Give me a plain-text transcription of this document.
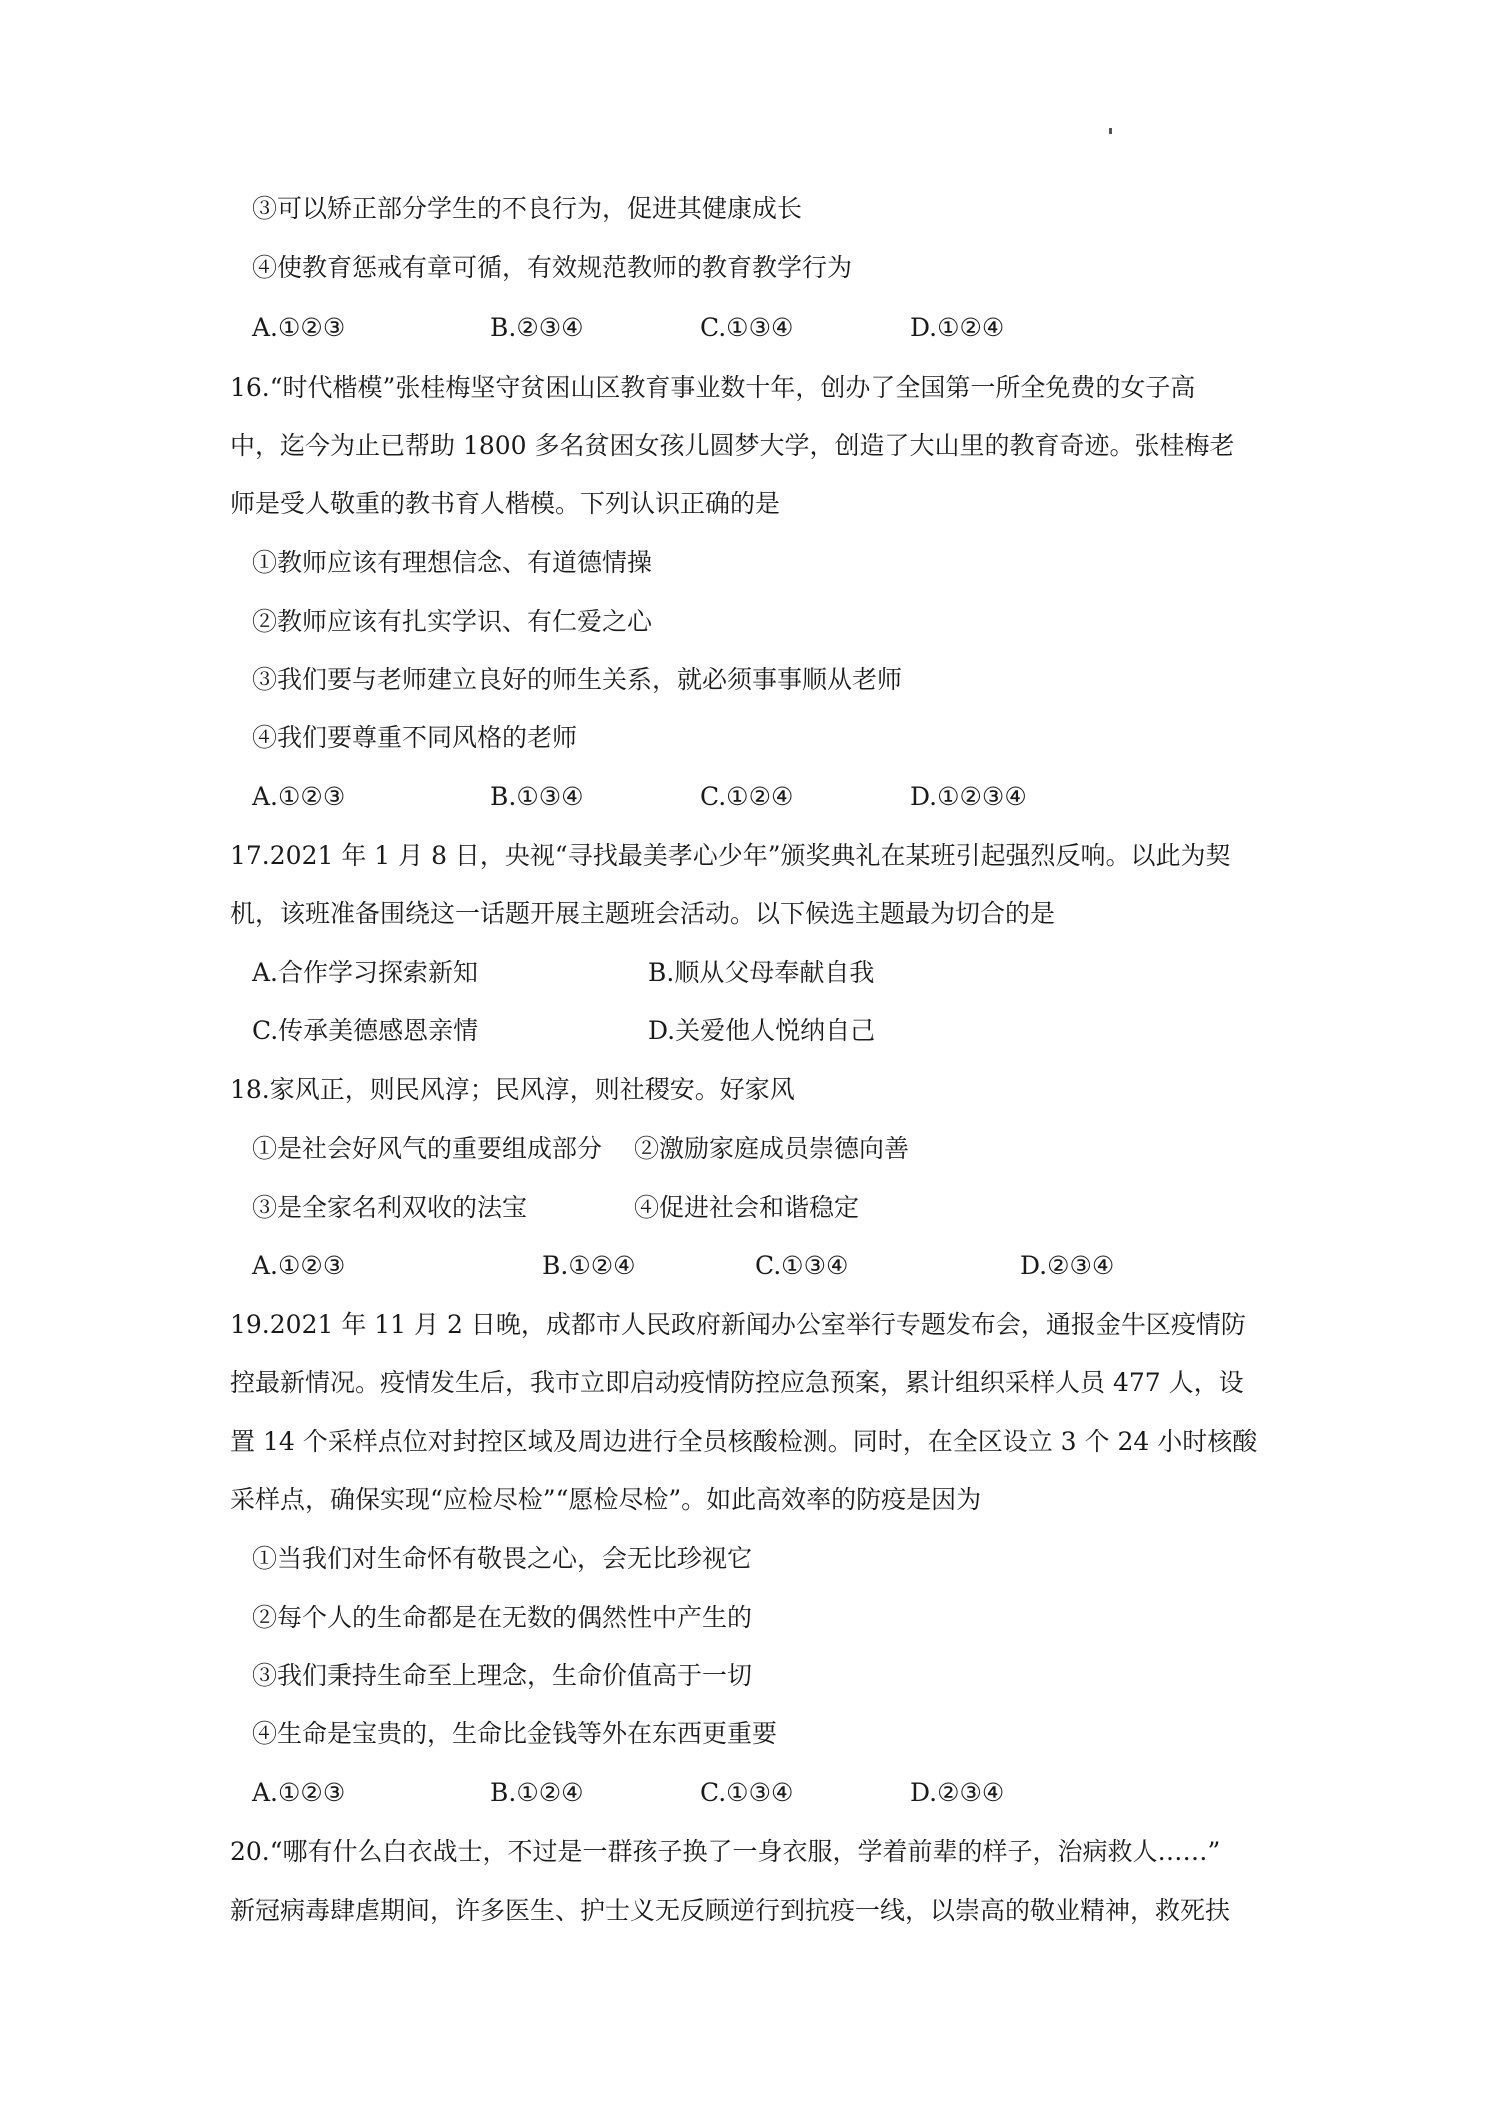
③可以矫正部分学生的不良行为，促进其健康成长
④使教育惩戒有章可循，有效规范教师的教育教学行为
A.①②③	B.②③④	C.①③④	D.①②④
16.“时代楷模”张桂梅坚守贫困山区教育事业数十年，创办了全国第一所全免费的女子高
中，迄今为止已帮助 1800 多名贫困女孩儿圆梦大学，创造了大山里的教育奇迹。张桂梅老
师是受人敬重的教书育人楷模。下列认识正确的是
①教师应该有理想信念、有道德情操
②教师应该有扎实学识、有仁爱之心
③我们要与老师建立良好的师生关系，就必须事事顺从老师
④我们要尊重不同风格的老师
A.①②③	B.①③④	C.①②④	D.①②③④
17.2021 年 1 月 8 日，央视“寻找最美孝心少年”颁奖典礼在某班引起强烈反响。以此为契
机，该班准备围绕这一话题开展主题班会活动。以下候选主题最为切合的是
A.合作学习探索新知	B.顺从父母奉献自我
C.传承美德感恩亲情	D.关爱他人悦纳自己
18.家风正，则民风淳；民风淳，则社稷安。好家风
①是社会好风气的重要组成部分 ②激励家庭成员崇德向善
③是全家名利双收的法宝	④促进社会和谐稳定
A.①②③	B.①②④	C.①③④	D.②③④
19.2021 年 11 月 2 日晚，成都市人民政府新闻办公室举行专题发布会，通报金牛区疫情防
控最新情况。疫情发生后，我市立即启动疫情防控应急预案，累计组织采样人员 477 人，设
置 14 个采样点位对封控区域及周边进行全员核酸检测。同时，在全区设立 3 个 24 小时核酸
采样点，确保实现“应检尽检”“愿检尽检”。如此高效率的防疫是因为
①当我们对生命怀有敬畏之心，会无比珍视它
②每个人的生命都是在无数的偶然性中产生的
③我们秉持生命至上理念，生命价值高于一切
④生命是宝贵的，生命比金钱等外在东西更重要
A.①②③	B.①②④	C.①③④	D.②③④
20.“哪有什么白衣战士，不过是一群孩子换了一身衣服，学着前辈的样子，治病救人……”
新冠病毒肆虐期间，许多医生、护士义无反顾逆行到抗疫一线，以崇高的敬业精神，救死扶
